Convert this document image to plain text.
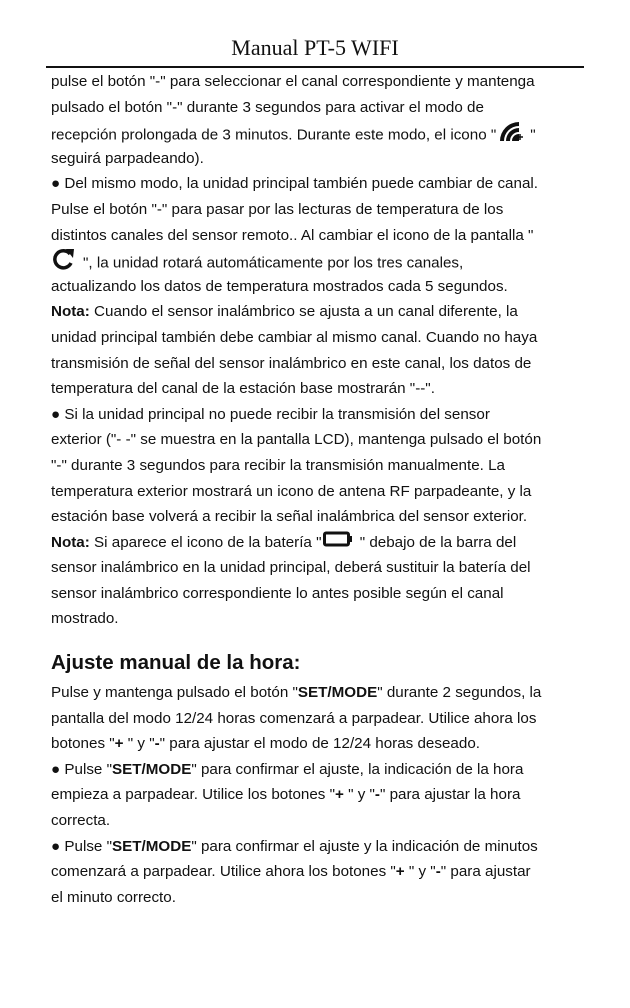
Manual PT-5 WIFI
pulse el botón "-" para seleccionar el canal correspondiente y mantenga
pulsado el botón "-" durante 3 segundos para activar el modo de
recepción prolongada de 3 minutos. Durante este modo, el icono " "
seguirá parpadeando).
● Del mismo modo, la unidad principal también puede cambiar de canal.
Pulse el botón "-" para pasar por las lecturas de temperatura de los
distintos canales del sensor remoto.. Al cambiar el icono de la pantalla "
", la unidad rotará automáticamente por los tres canales,
actualizando los datos de temperatura mostrados cada 5 segundos.
Nota: Cuando el sensor inalámbrico se ajusta a un canal diferente, la
unidad principal también debe cambiar al mismo canal. Cuando no haya
transmisión de señal del sensor inalámbrico en este canal, los datos de
temperatura del canal de la estación base mostrarán "--".
● Si la unidad principal no puede recibir la transmisión del sensor
exterior ("- -" se muestra en la pantalla LCD), mantenga pulsado el botón
"-" durante 3 segundos para recibir la transmisión manualmente. La
temperatura exterior mostrará un icono de antena RF parpadeante, y la
estación base volverá a recibir la señal inalámbrica del sensor exterior.
Nota: Si aparece el icono de la batería " " debajo de la barra del
sensor inalámbrico en la unidad principal, deberá sustituir la batería del
sensor inalámbrico correspondiente lo antes posible según el canal
mostrado.
Ajuste manual de la hora:
Pulse y mantenga pulsado el botón "SET/MODE" durante 2 segundos, la
pantalla del modo 12/24 horas comenzará a parpadear. Utilice ahora los
botones "+ " y "-" para ajustar el modo de 12/24 horas deseado.
● Pulse "SET/MODE" para confirmar el ajuste, la indicación de la hora
empieza a parpadear. Utilice los botones "+ " y "-" para ajustar la hora
correcta.
● Pulse "SET/MODE" para confirmar el ajuste y la indicación de minutos
comenzará a parpadear. Utilice ahora los botones "+ " y "-" para ajustar
el minuto correcto.
